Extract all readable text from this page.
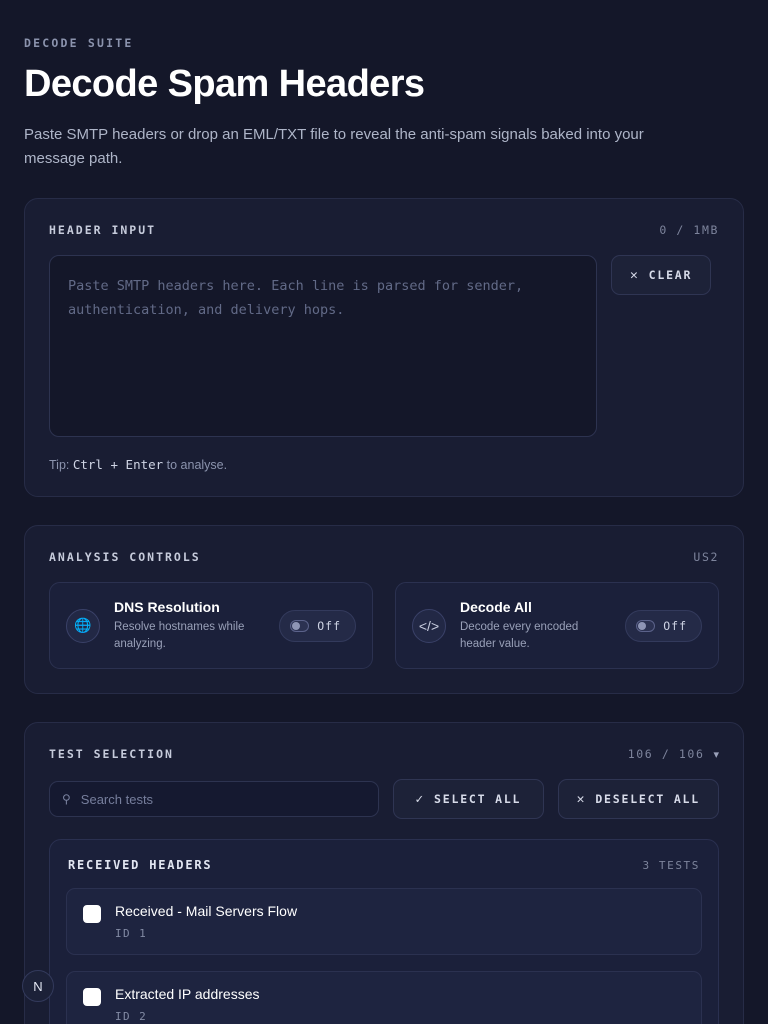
DECODE SUITE
Decode Spam Headers

Paste SMTP headers or drop an EML/TXT file to reveal the anti-spam signals baked into your message path.

HEADER INPUT	0 / 1MB
Paste SMTP headers here. Each line is parsed for sender, authentication, and delivery hops.
✕ CLEAR
Tip: Ctrl + Enter to analyse.
ANALYSIS CONTROLS	US2
🌐
DNS Resolution
Resolve hostnames while analyzing.
Off	</>
Decode All
Decode every encoded header value.
Off
TEST SELECTION	106 / 106 ▾
⚲
Search tests	✓ SELECT ALL	✕ DESELECT ALL
RECEIVED HEADERS	3 TESTS
Received - Mail Servers Flow
ID 1
Extracted IP addresses
ID 2
N
